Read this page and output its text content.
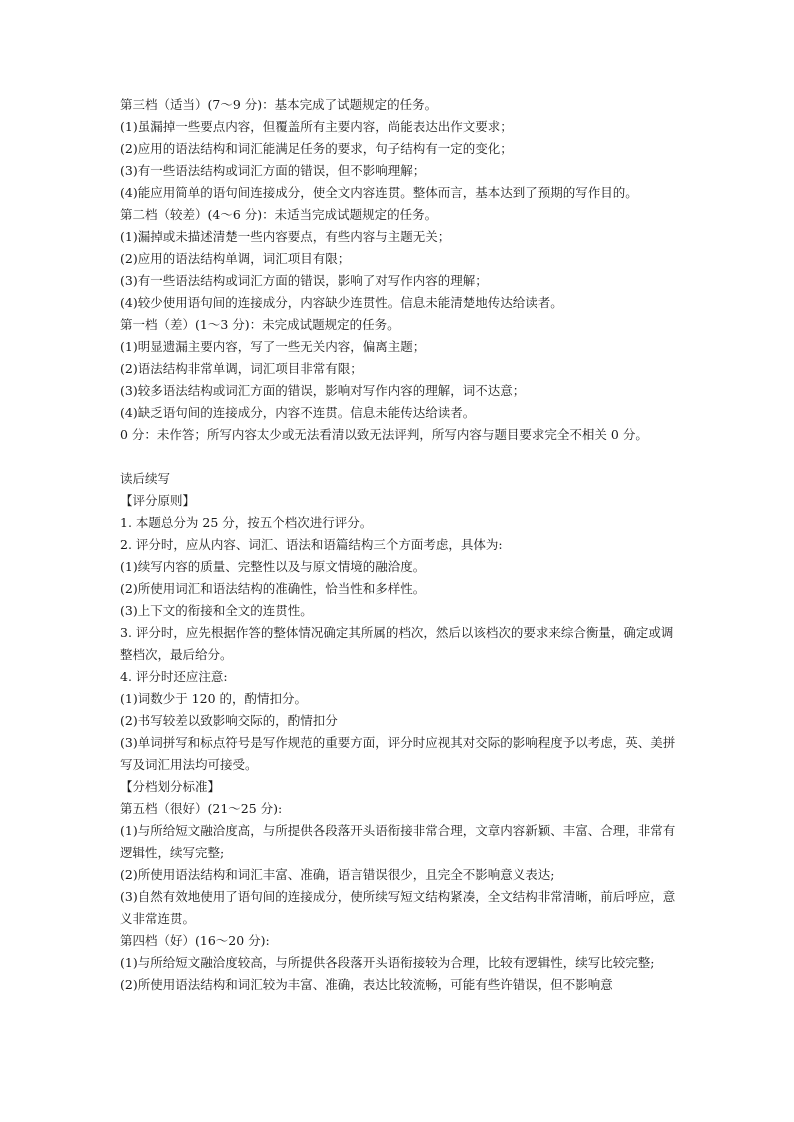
第三档（适当）(7～9 分)：基本完成了试题规定的任务。

(1)虽漏掉一些要点内容，但覆盖所有主要内容，尚能表达出作文要求；

(2)应用的语法结构和词汇能满足任务的要求，句子结构有一定的变化；

(3)有一些语法结构或词汇方面的错误，但不影响理解；

(4)能应用简单的语句间连接成分，使全文内容连贯。整体而言，基本达到了预期的写作目的。

第二档（较差）(4～6 分)：未适当完成试题规定的任务。

(1)漏掉或未描述清楚一些内容要点，有些内容与主题无关；

(2)应用的语法结构单调，词汇项目有限；

(3)有一些语法结构或词汇方面的错误，影响了对写作内容的理解；

(4)较少使用语句间的连接成分，内容缺少连贯性。信息未能清楚地传达给读者。

第一档（差）(1～3 分)：未完成试题规定的任务。

(1)明显遗漏主要内容，写了一些无关内容，偏离主题；

(2)语法结构非常单调，词汇项目非常有限；

(3)较多语法结构或词汇方面的错误，影响对写作内容的理解，词不达意；

(4)缺乏语句间的连接成分，内容不连贯。信息未能传达给读者。

0 分：未作答；所写内容太少或无法看清以致无法评判，所写内容与题目要求完全不相关 0 分。

读后续写

【评分原则】

1. 本题总分为 25 分，按五个档次进行评分。

2. 评分时，应从内容、词汇、语法和语篇结构三个方面考虑，具体为:

(1)续写内容的质量、完整性以及与原文情境的融洽度。

(2)所使用词汇和语法结构的准确性，恰当性和多样性。

(3)上下文的衔接和全文的连贯性。

3. 评分时，应先根据作答的整体情况确定其所属的档次，然后以该档次的要求来综合衡量，确定或调整档次，最后给分。

4. 评分时还应注意:

(1)词数少于 120 的，酌情扣分。

(2)书写较差以致影响交际的，酌情扣分

(3)单词拼写和标点符号是写作规范的重要方面，评分时应视其对交际的影响程度予以考虑，英、美拼写及词汇用法均可接受。

【分档划分标准】

第五档（很好）(21～25 分):

(1)与所给短文融洽度高，与所提供各段落开头语衔接非常合理，文章内容新颖、丰富、合理，非常有逻辑性，续写完整;

(2)所使用语法结构和词汇丰富、准确，语言错误很少，且完全不影响意义表达;

(3)自然有效地使用了语句间的连接成分，使所续写短文结构紧凑，全文结构非常清晰，前后呼应，意义非常连贯。

第四档（好）(16～20 分):

(1)与所给短文融洽度较高，与所提供各段落开头语衔接较为合理，比较有逻辑性，续写比较完整;

(2)所使用语法结构和词汇较为丰富、准确，表达比较流畅，可能有些许错误，但不影响意
